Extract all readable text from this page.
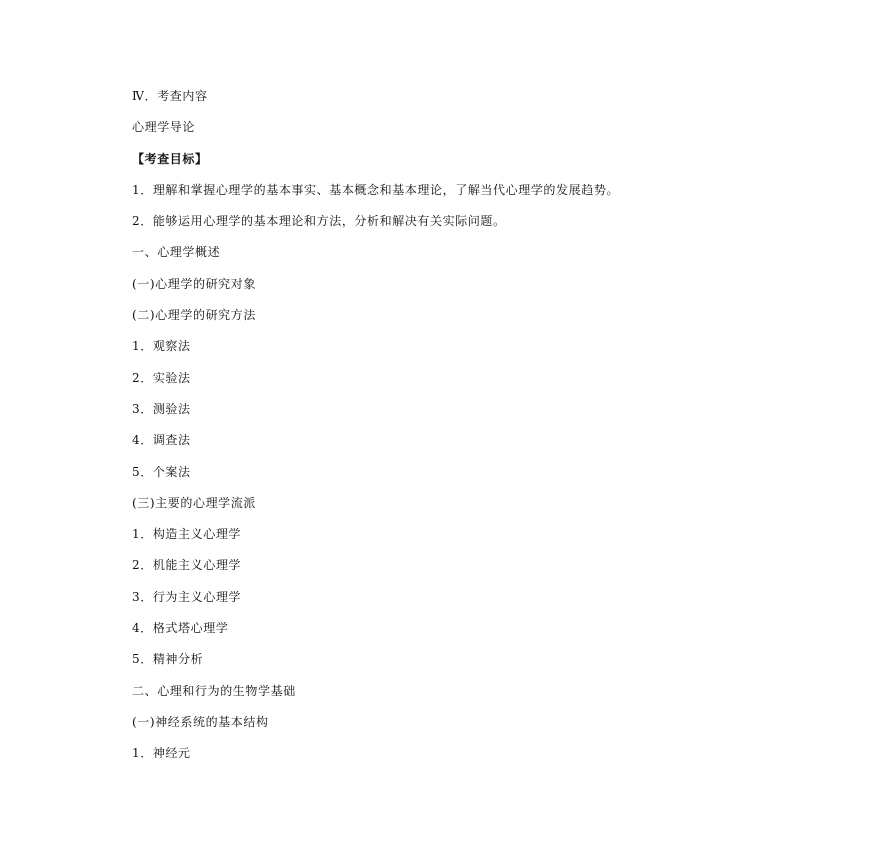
Ⅳ．考查内容
心理学导论
【考查目标】
1．理解和掌握心理学的基本事实、基本概念和基本理论，了解当代心理学的发展趋势。
2．能够运用心理学的基本理论和方法，分析和解决有关实际问题。
一、心理学概述
(一)心理学的研究对象
(二)心理学的研究方法
1．观察法
2．实验法
3．测验法
4．调查法
5．个案法
(三)主要的心理学流派
1．构造主义心理学
2．机能主义心理学
3．行为主义心理学
4．格式塔心理学
5．精神分析
二、心理和行为的生物学基础
(一)神经系统的基本结构
1．神经元
